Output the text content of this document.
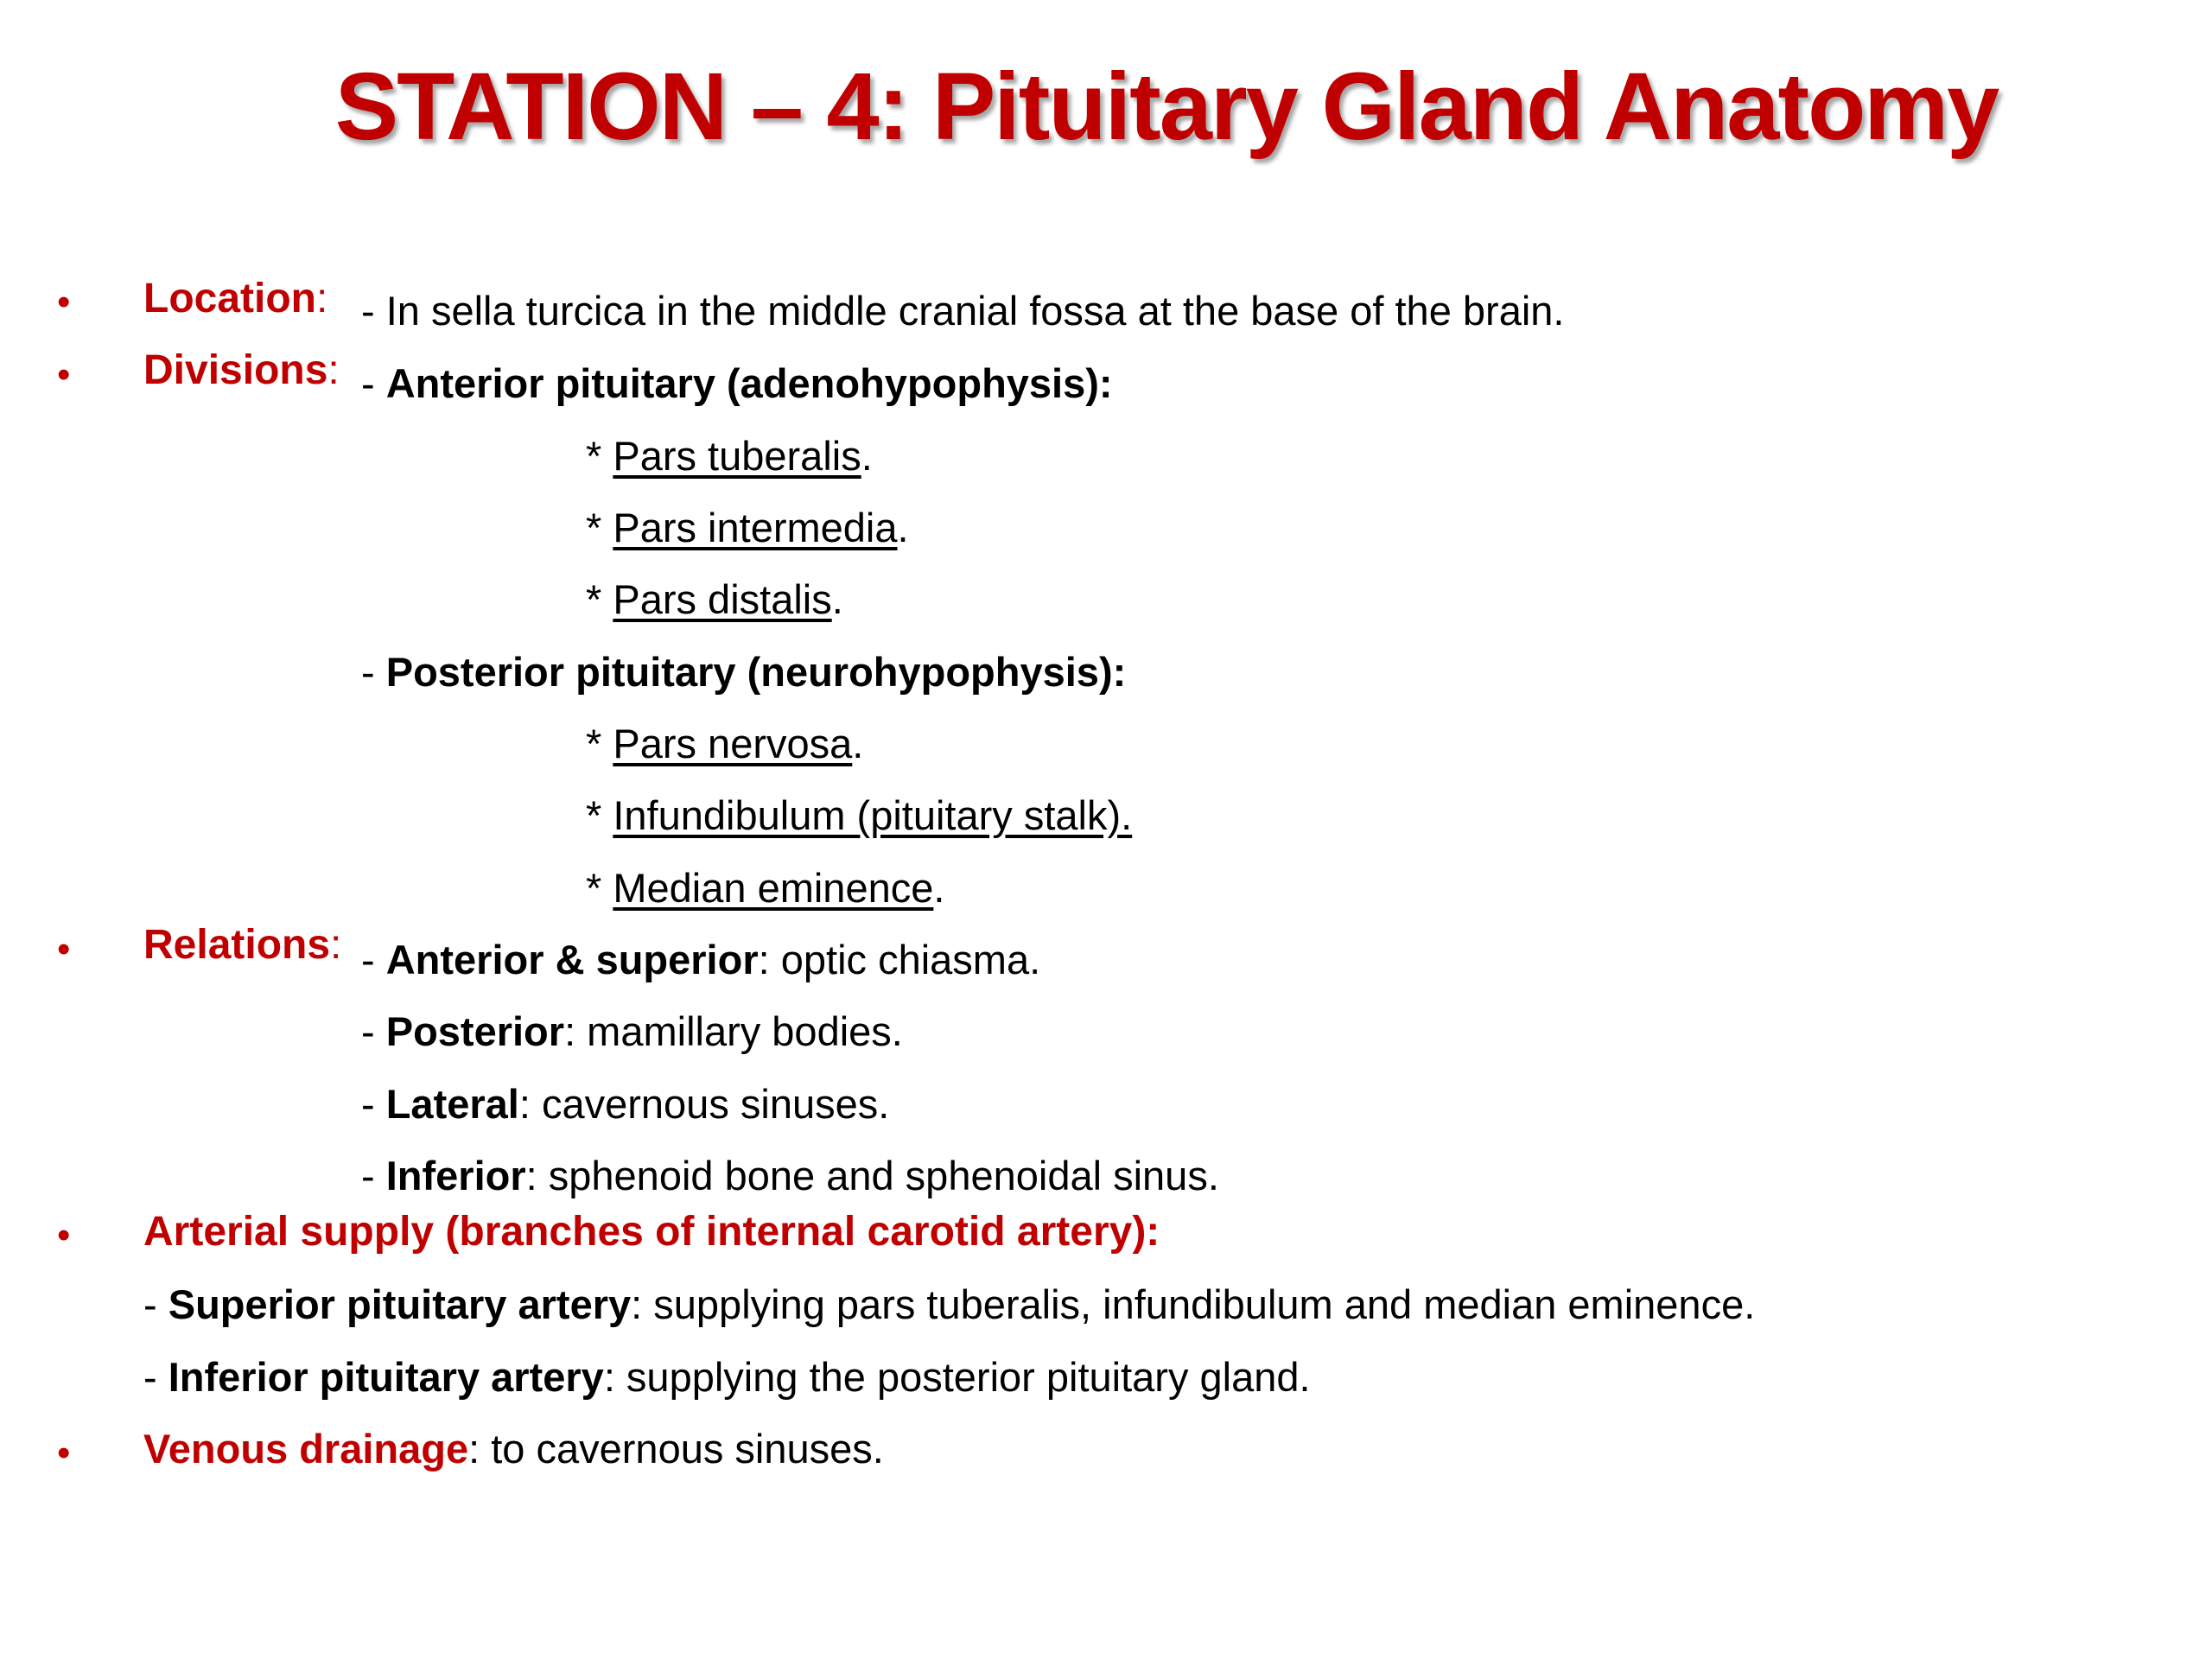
STATION – 4: Pituitary Gland Anatomy
• Location: - In sella turcica in the middle cranial fossa at the base of the brain.
• Divisions: - Anterior pituitary (adenohypophysis):
* Pars tuberalis.
* Pars intermedia.
* Pars distalis.
- Posterior pituitary (neurohypophysis):
* Pars nervosa.
* Infundibulum (pituitary stalk).
* Median eminence.
• Relations: - Anterior & superior: optic chiasma.
- Posterior: mamillary bodies.
- Lateral: cavernous sinuses.
- Inferior: sphenoid bone and sphenoidal sinus.
• Arterial supply (branches of internal carotid artery):
- Superior pituitary artery: supplying pars tuberalis, infundibulum and median eminence.
- Inferior pituitary artery: supplying the posterior pituitary gland.
• Venous drainage: to cavernous sinuses.
